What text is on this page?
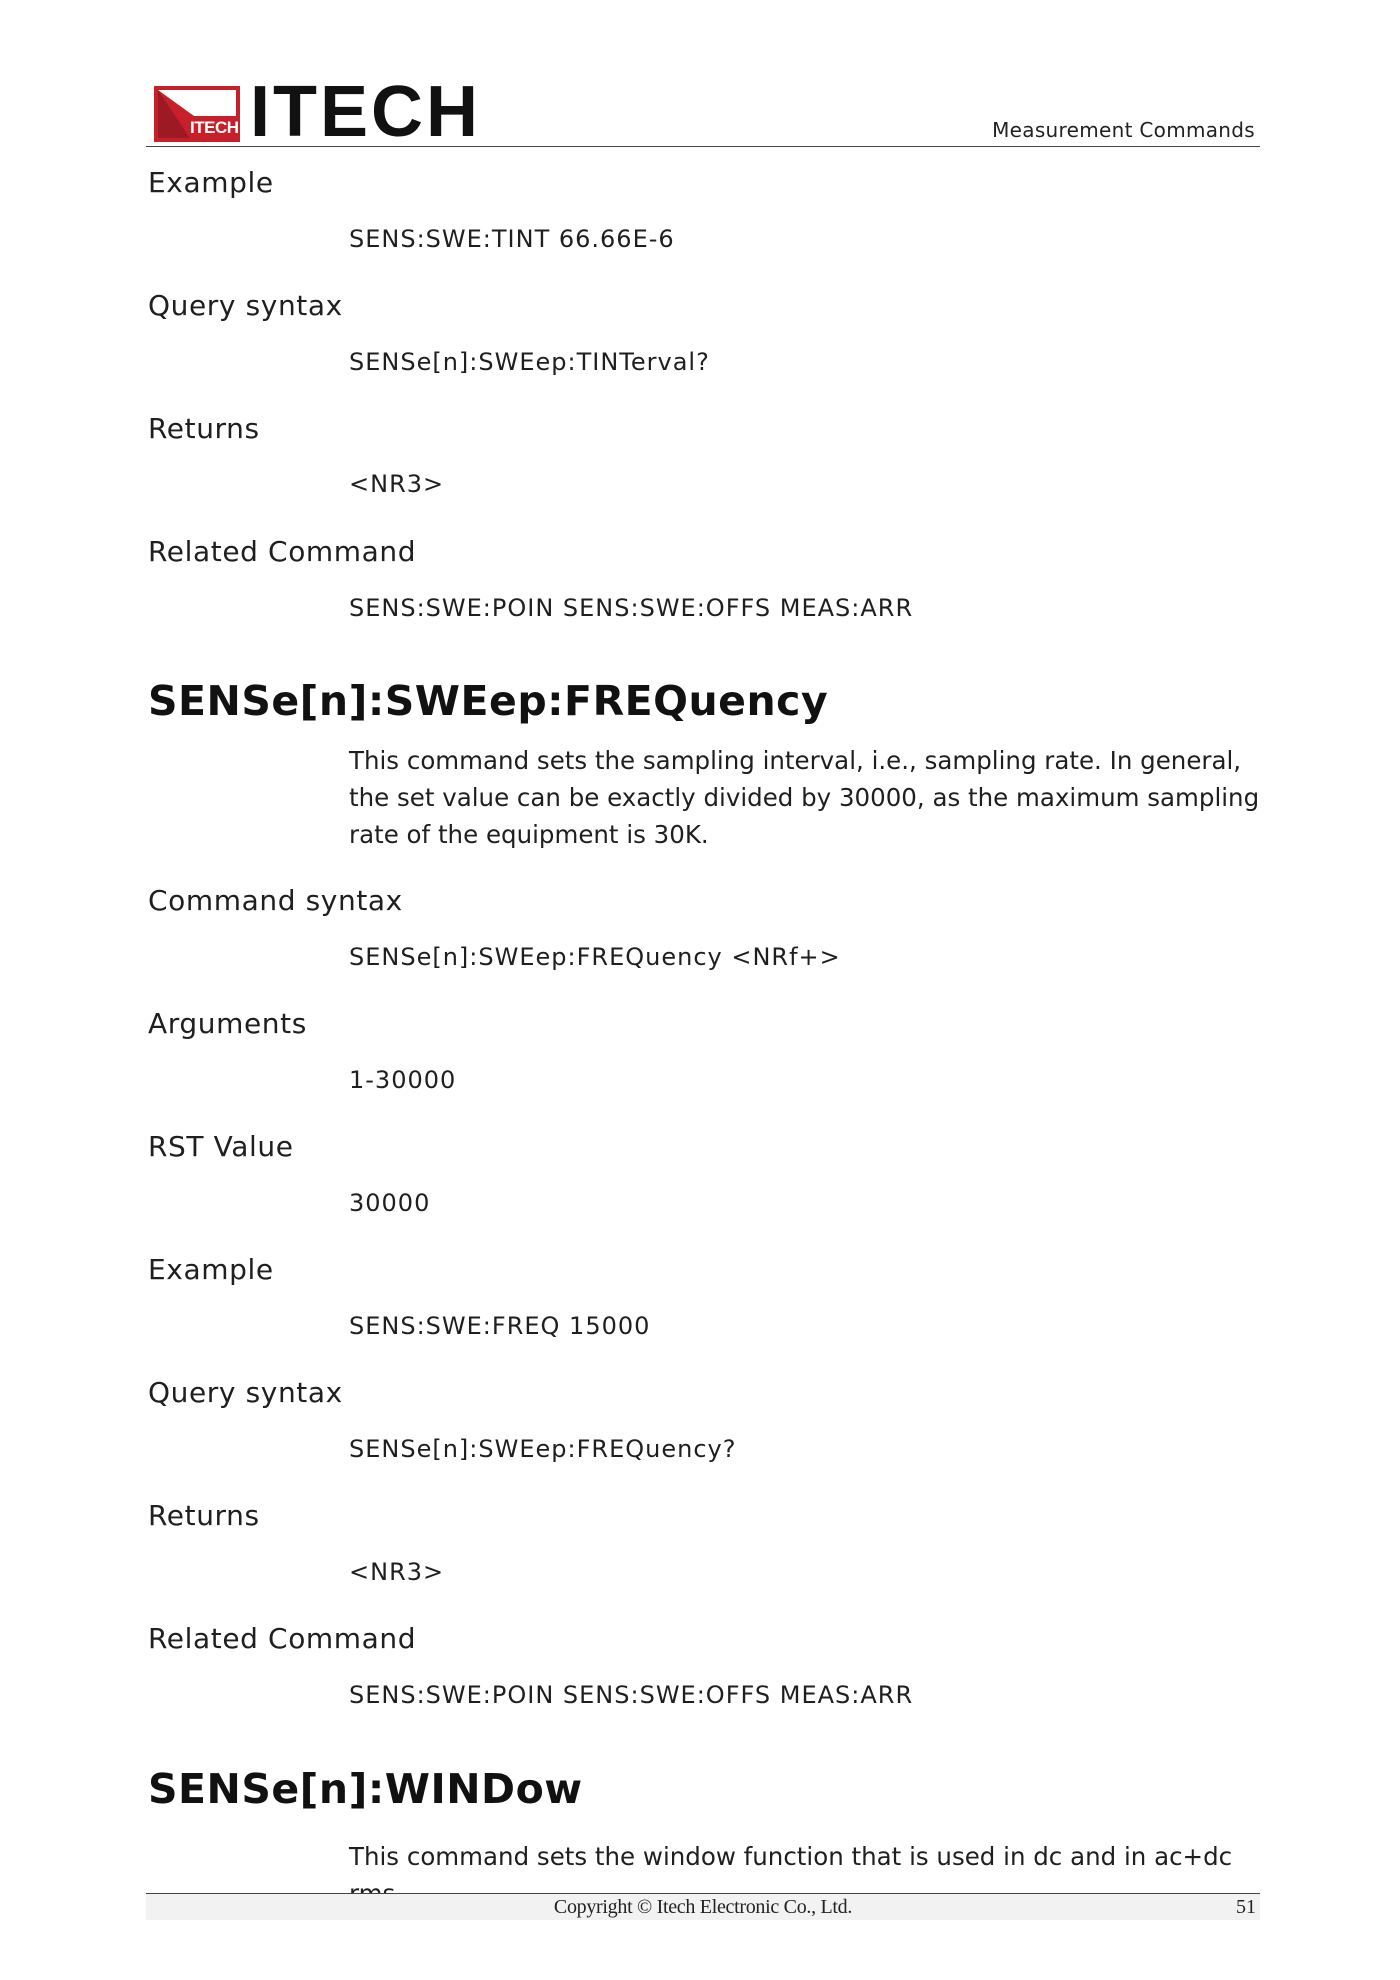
ITECH ITECH	Measurement Commands
Example
SENS:SWE:TINT 66.66E-6
Query syntax
SENSe[n]:SWEep:TINTerval?
Returns
<NR3>
Related Command
SENS:SWE:POIN SENS:SWE:OFFS MEAS:ARR
SENSe[n]:SWEep:FREQuency
This command sets the sampling interval, i.e., sampling rate. In general, the set value can be exactly divided by 30000, as the maximum sampling rate of the equipment is 30K.
Command syntax
SENSe[n]:SWEep:FREQuency <NRf+>
Arguments
1-30000
RST Value
30000
Example
SENS:SWE:FREQ 15000
Query syntax
SENSe[n]:SWEep:FREQuency?
Returns
<NR3>
Related Command
SENS:SWE:POIN SENS:SWE:OFFS MEAS:ARR
SENSe[n]:WINDow
This command sets the window function that is used in dc and in ac+dc
Copyright © Itech Electronic Co., Ltd.	51
